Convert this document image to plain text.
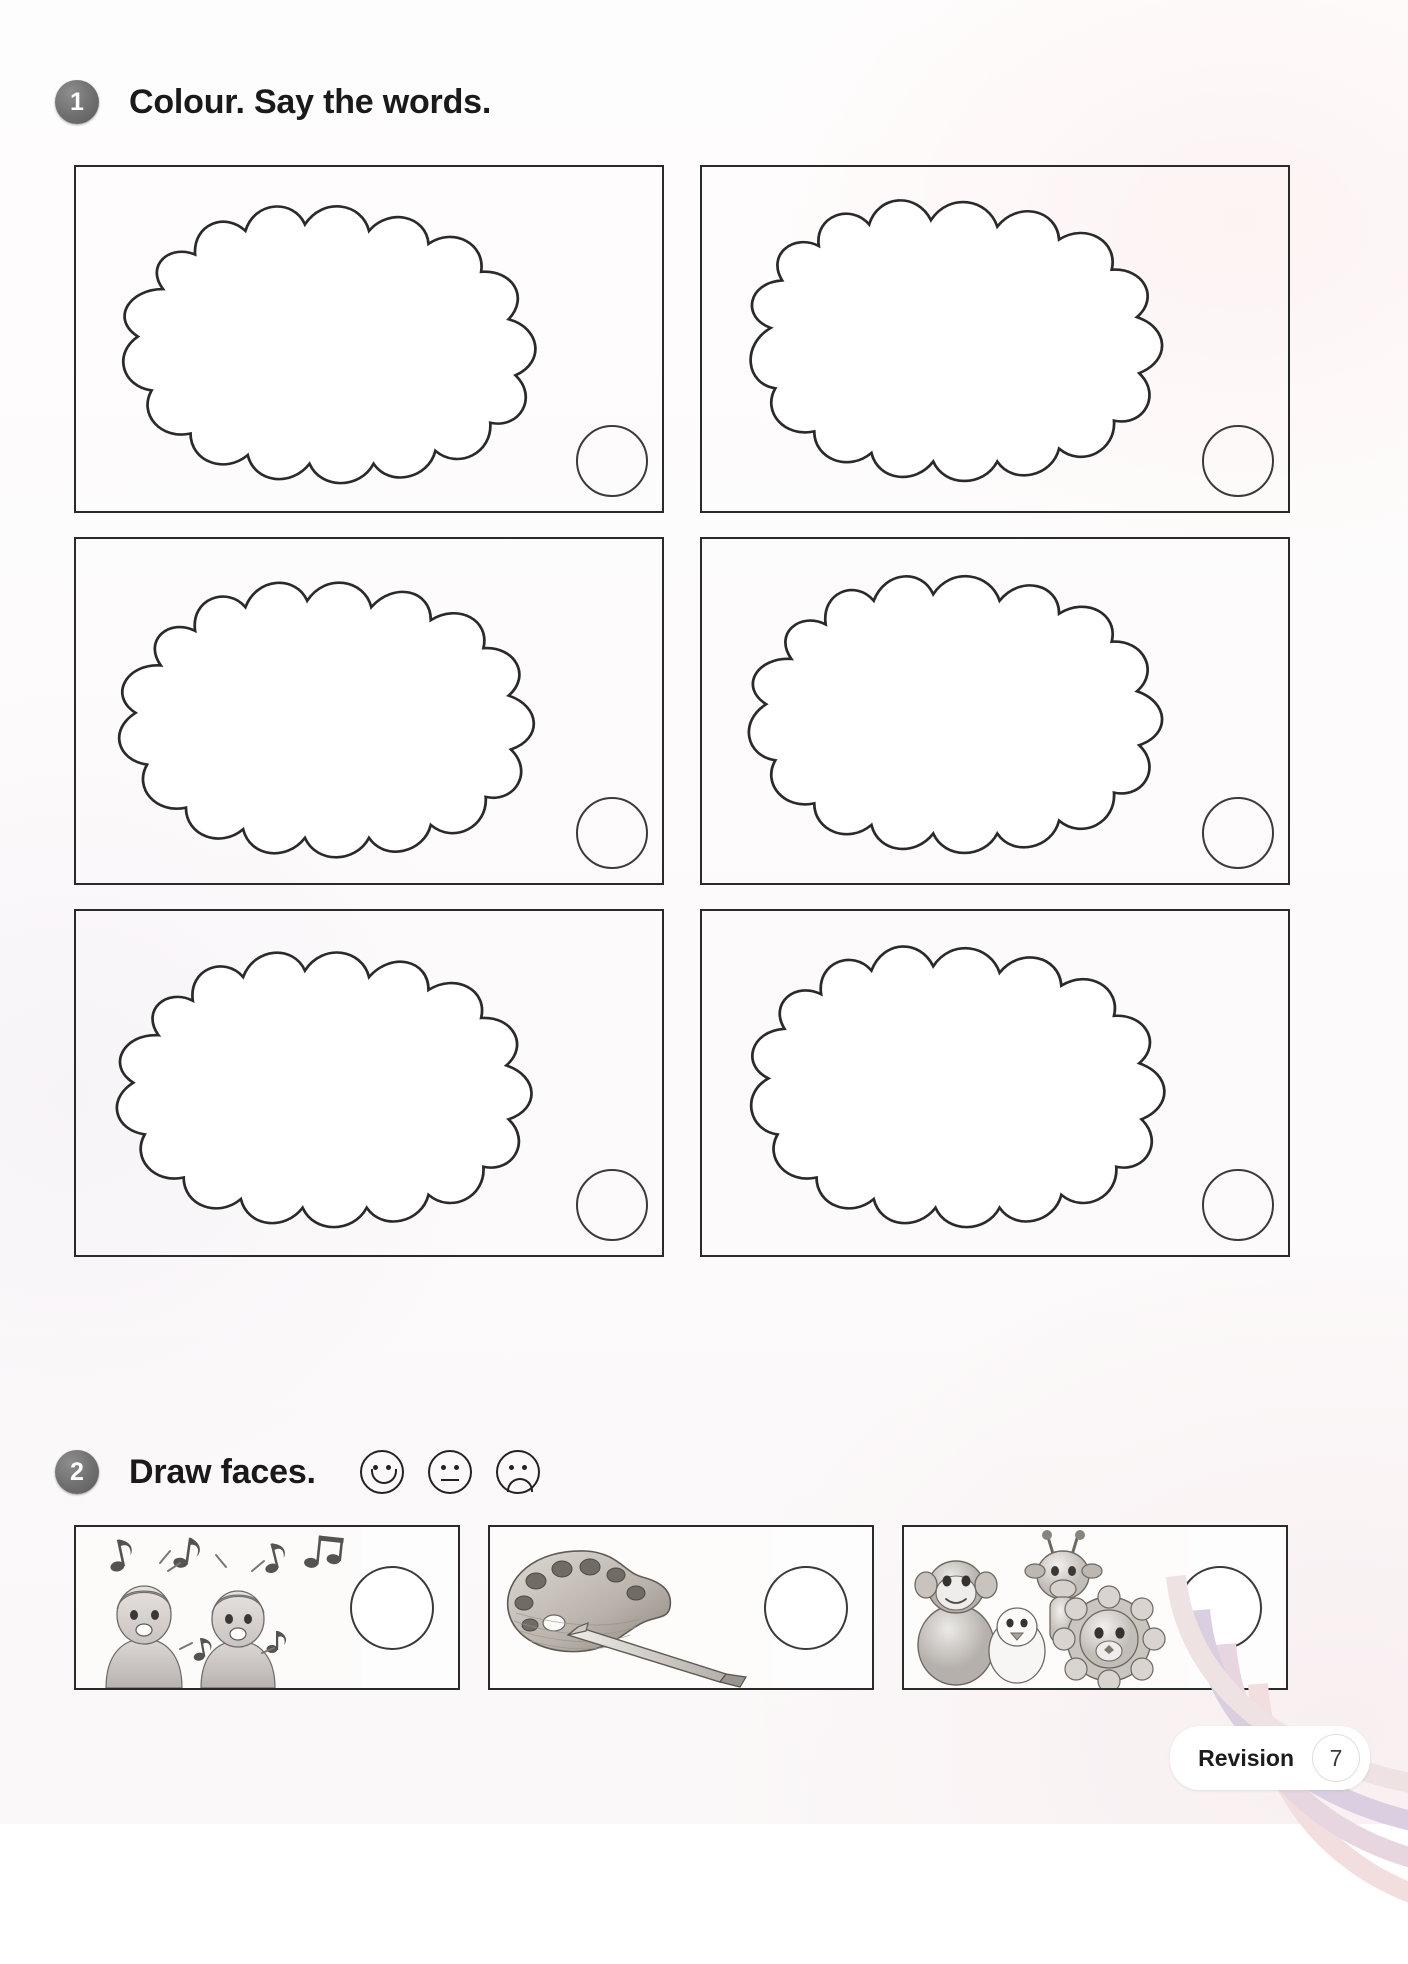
1	Colour. Say the words.
2	Draw faces.
Revision	7
